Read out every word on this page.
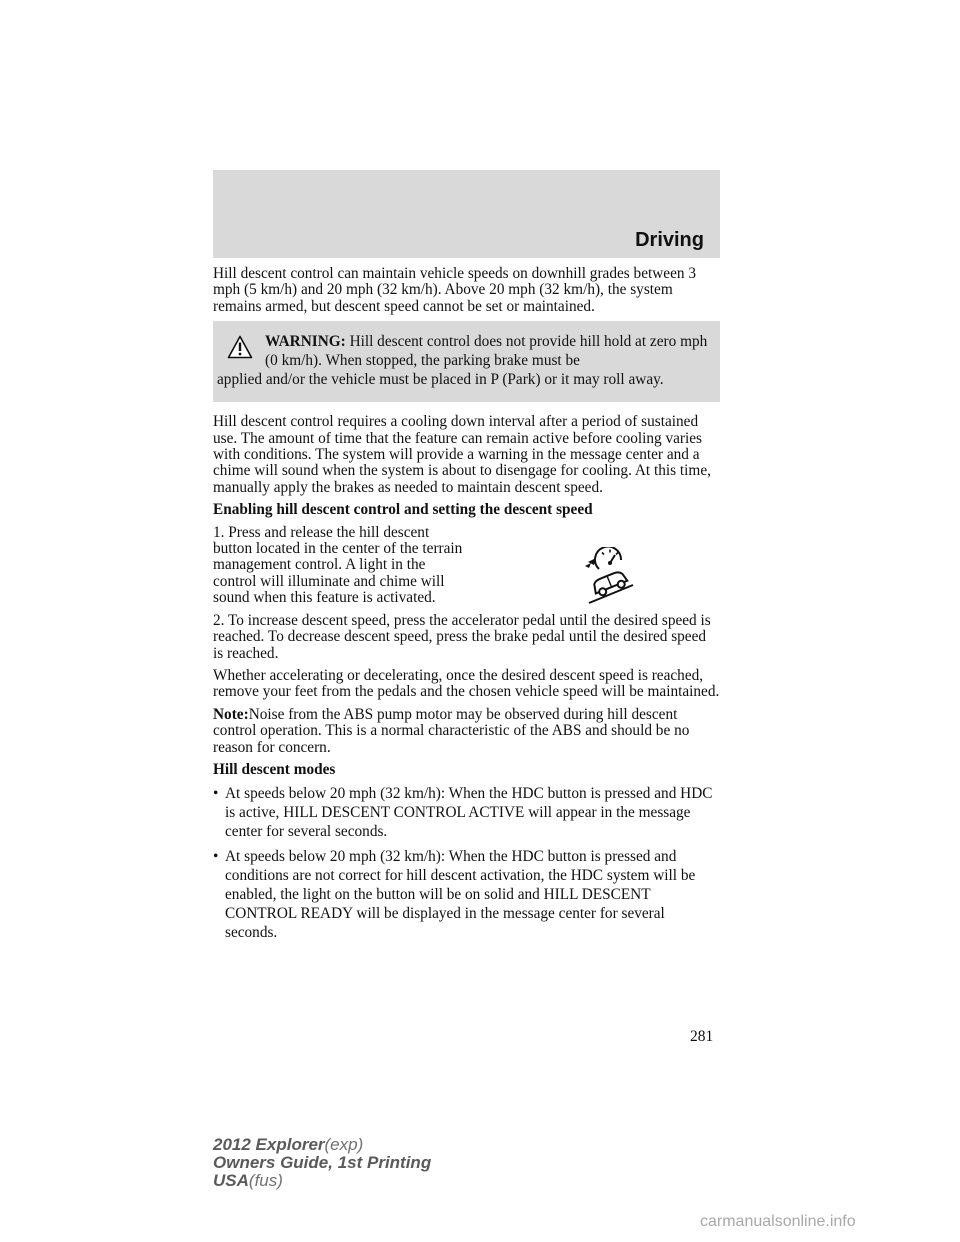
Driving

Hill descent control can maintain vehicle speeds on downhill grades between 3 mph (5 km/h) and 20 mph (32 km/h). Above 20 mph (32 km/h), the system remains armed, but descent speed cannot be set or maintained.

WARNING: Hill descent control does not provide hill hold at zero mph (0 km/h). When stopped, the parking brake must be
applied and/or the vehicle must be placed in P (Park) or it may roll away.

Hill descent control requires a cooling down interval after a period of sustained use. The amount of time that the feature can remain active before cooling varies with conditions. The system will provide a warning in the message center and a chime will sound when the system is about to disengage for cooling. At this time, manually apply the brakes as needed to maintain descent speed.

Enabling hill descent control and setting the descent speed

1. Press and release the hill descent button located in the center of the terrain management control. A light in the control will illuminate and chime will sound when this feature is activated.

2. To increase descent speed, press the accelerator pedal until the desired speed is reached. To decrease descent speed, press the brake pedal until the desired speed is reached.

Whether accelerating or decelerating, once the desired descent speed is reached, remove your feet from the pedals and the chosen vehicle speed will be maintained.

Note:Noise from the ABS pump motor may be observed during hill descent control operation. This is a normal characteristic of the ABS and should be no reason for concern.

Hill descent modes

• At speeds below 20 mph (32 km/h): When the HDC button is pressed and HDC is active, HILL DESCENT CONTROL ACTIVE will appear in the message center for several seconds.
• At speeds below 20 mph (32 km/h): When the HDC button is pressed and conditions are not correct for hill descent activation, the HDC system will be enabled, the light on the button will be on solid and HILL DESCENT CONTROL READY will be displayed in the message center for several seconds.
281
2012 Explorer(exp)
Owners Guide, 1st Printing
USA(fus)
carmanualsonline.info
